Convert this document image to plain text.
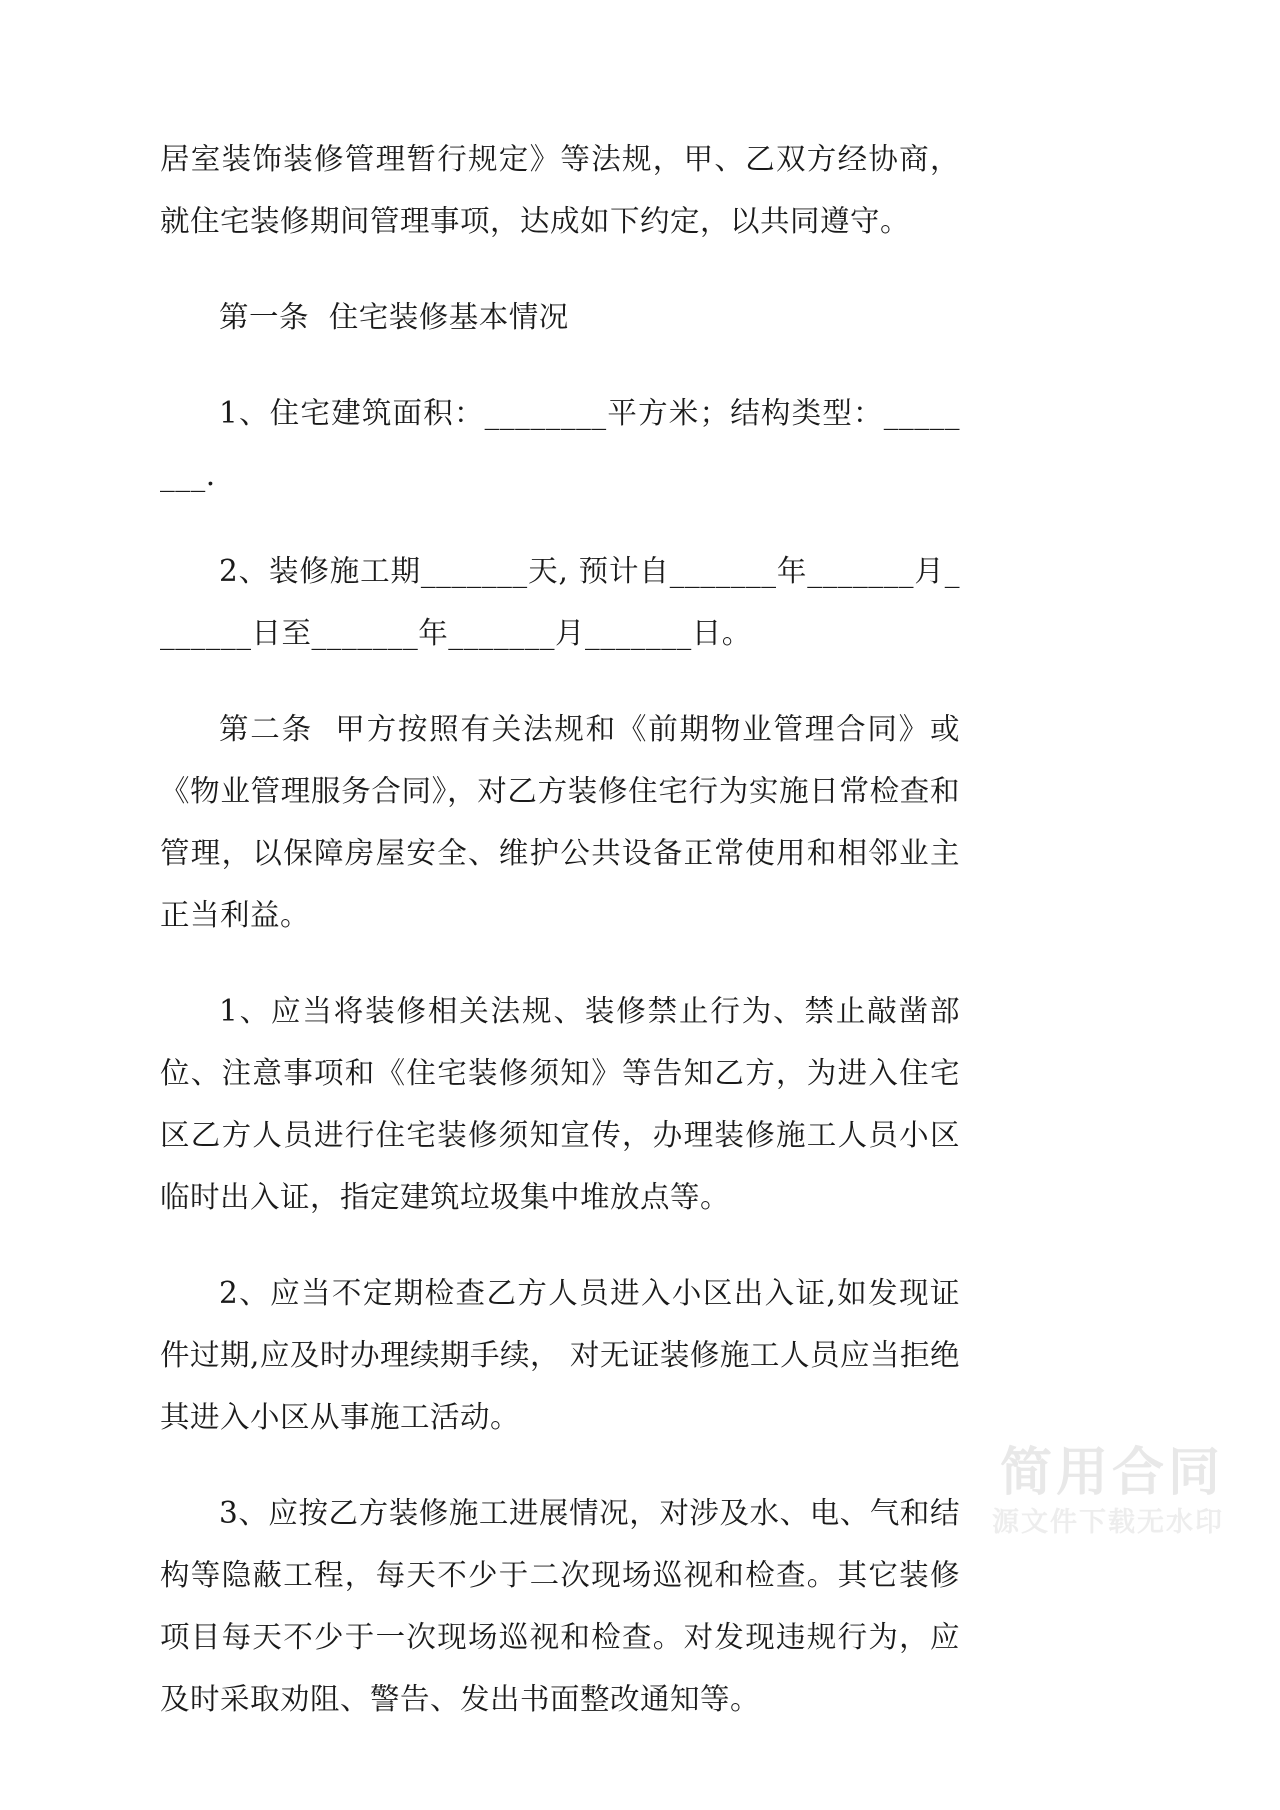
居室装饰装修管理暂行规定》等法规，甲、乙双方经协商，就住宅装修期间管理事项，达成如下约定，以共同遵守。

第一条  住宅装修基本情况

1、住宅建筑面积：________平方米；结构类型：________.

2、装修施工期_______天, 预计自_______年_______月_______日至_______年_______月_______日。

第二条  甲方按照有关法规和《前期物业管理合同》或《物业管理服务合同》，对乙方装修住宅行为实施日常检查和管理，以保障房屋安全、维护公共设备正常使用和相邻业主正当利益。

1、应当将装修相关法规、装修禁止行为、禁止敲凿部位、注意事项和《住宅装修须知》等告知乙方，为进入住宅区乙方人员进行住宅装修须知宣传，办理装修施工人员小区临时出入证，指定建筑垃圾集中堆放点等。

2、应当不定期检查乙方人员进入小区出入证,如发现证件过期,应及时办理续期手续， 对无证装修施工人员应当拒绝其进入小区从事施工活动。

3、应按乙方装修施工进展情况，对涉及水、电、气和结构等隐蔽工程，每天不少于二次现场巡视和检查。其它装修项目每天不少于一次现场巡视和检查。对发现违规行为，应及时采取劝阻、警告、发出书面整改通知等。

简用合同
源文件下载无水印
